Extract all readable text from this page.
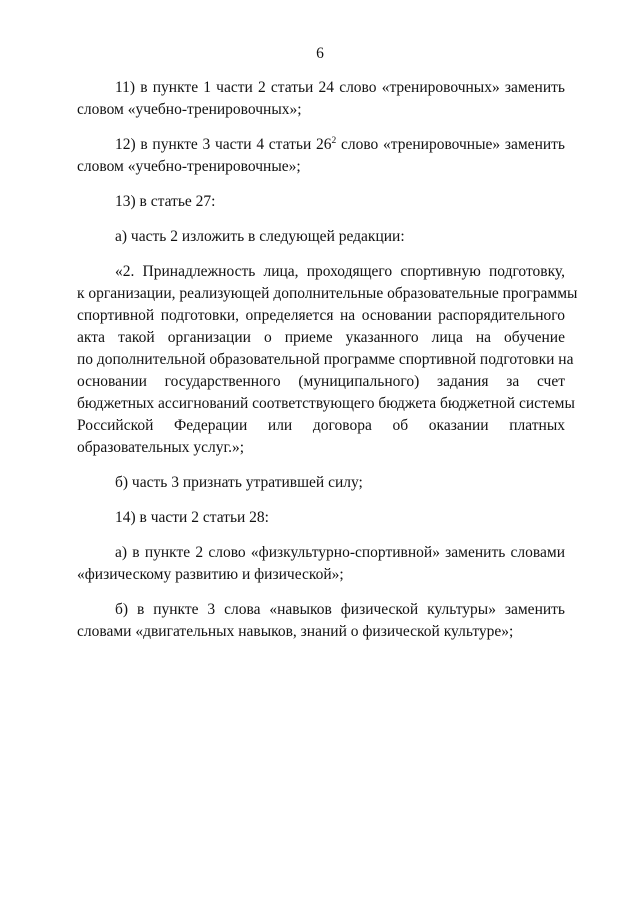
6

11) в пункте 1 части 2 статьи 24 слово «тренировочных» заменить
словом «учебно-тренировочных»;

12) в пункте 3 части 4 статьи $26^2$ слово «тренировочные» заменить
словом «учебно-тренировочные»;

13) в статье 27:

а) часть 2 изложить в следующей редакции:

«2. Принадлежность лица, проходящего спортивную подготовку,
к организации, реализующей дополнительные образовательные программы
спортивной подготовки, определяется на основании распорядительного
акта такой организации о приеме указанного лица на обучение
по дополнительной образовательной программе спортивной подготовки на
основании государственного (муниципального) задания за счет
бюджетных ассигнований соответствующего бюджета бюджетной системы
Российской Федерации или договора об оказании платных
образовательных услуг.»;

б) часть 3 признать утратившей силу;

14) в части 2 статьи 28:

а) в пункте 2 слово «физкультурно-спортивной» заменить словами
«физическому развитию и физической»;

б) в пункте 3 слова «навыков физической культуры» заменить
словами «двигательных навыков, знаний о физической культуре»;
